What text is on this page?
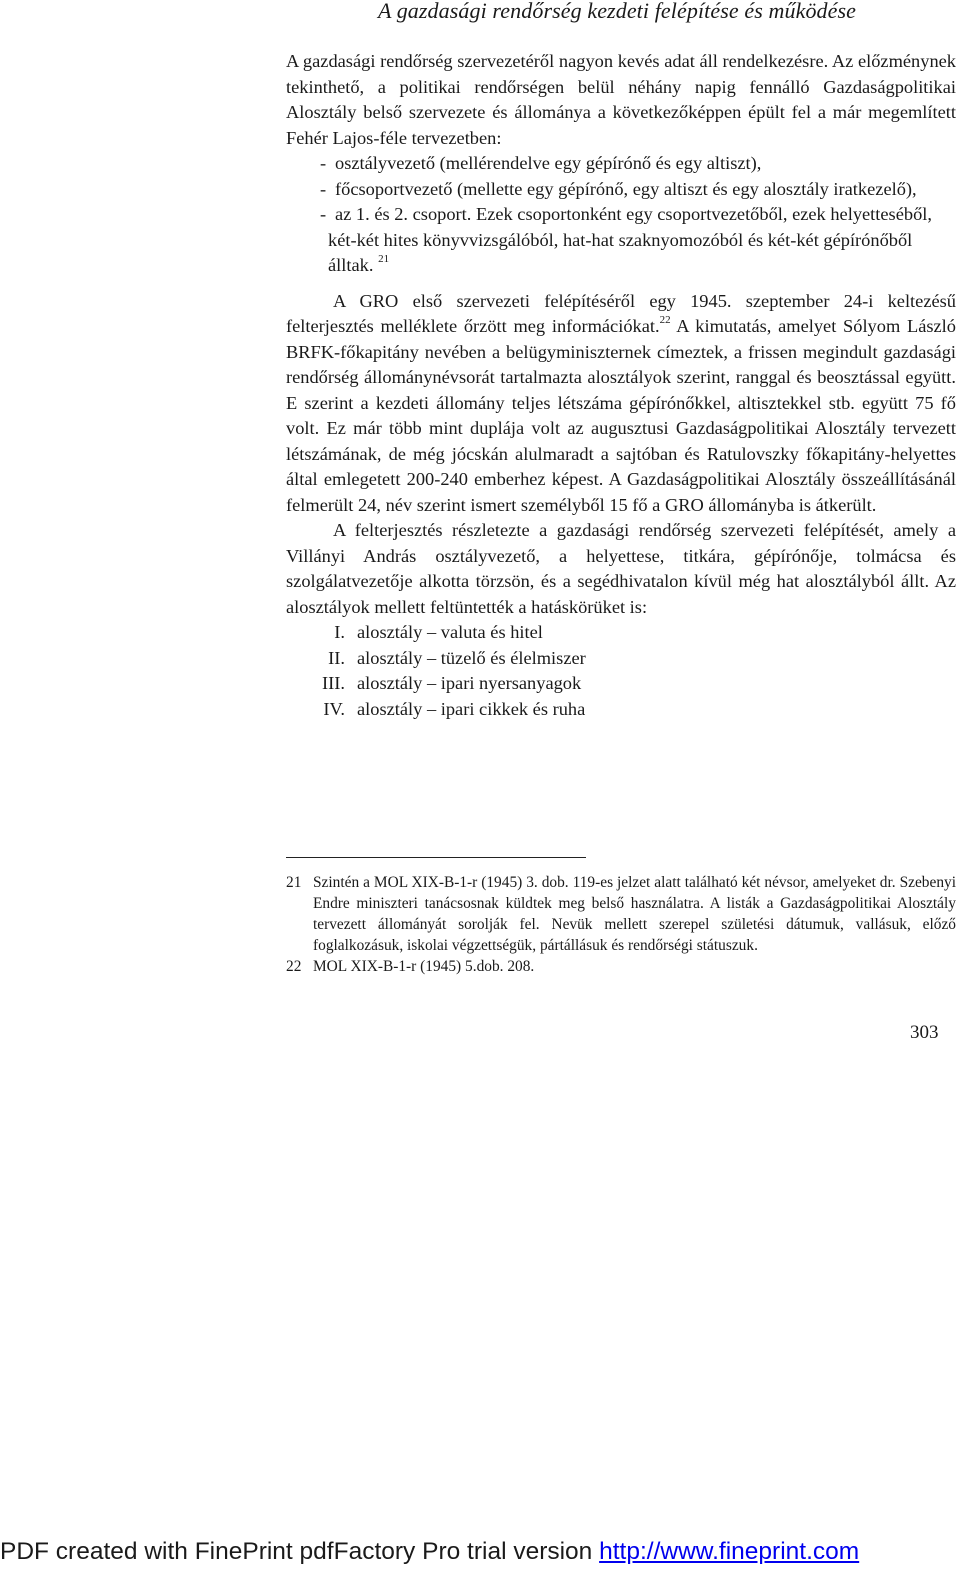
A gazdasági rendőrség kezdeti felépítése és működése

A gazdasági rendőrség szervezetéről nagyon kevés adat áll rendelkezésre. Az előzménynek tekinthető, a politikai rendőrségen belül néhány napig fennálló Gazdaságpolitikai Alosztály belső szervezete és állománya a következőképpen épült fel a már megemlített Fehér Lajos-féle tervezetben:

- osztályvezető (mellérendelve egy gépírónő és egy altiszt),
- főcsoportvezető (mellette egy gépírónő, egy altiszt és egy alosztály iratkezelő),
- az 1. és 2. csoport. Ezek csoportonként egy csoportvezetőből, ezek helyetteséből, két-két hites könyvvizsgálóból, hat-hat szaknyomozóból és két-két gépírónőből álltak. $^{21}$

A GRO első szervezeti felépítéséről egy 1945. szeptember 24-i keltezésű felterjesztés melléklete őrzött meg információkat.$^{22}$ A kimutatás, amelyet Sólyom László BRFK-főkapitány nevében a belügyminiszternek címeztek, a frissen megindult gazdasági rendőrség állománynévsorát tartalmazta alosztályok szerint, ranggal és beosztással együtt. E szerint a kezdeti állomány teljes létszáma gépírónőkkel, altisztekkel stb. együtt 75 fő volt. Ez már több mint duplája volt az augusztusi Gazdaságpolitikai Alosztály tervezett létszámának, de még jócskán alulmaradt a sajtóban és Ratulovszky főkapitány-helyettes által emlegetett 200-240 emberhez képest. A Gazdaságpolitikai Alosztály összeállításánál felmerült 24, név szerint ismert személyből 15 fő a GRO állományba is átkerült.

A felterjesztés részletezte a gazdasági rendőrség szervezeti felépítését, amely a Villányi András osztályvezető, a helyettese, titkára, gépírónője, tolmácsa és szolgálatvezetője alkotta törzsön, és a segédhivatalon kívül még hat alosztályból állt. Az alosztályok mellett feltüntették a hatáskörüket is:

I. alosztály – valuta és hitel
II. alosztály – tüzelő és élelmiszer
III. alosztály – ipari nyersanyagok
IV. alosztály – ipari cikkek és ruha
21 Szintén a MOL XIX-B-1-r (1945) 3. dob. 119-es jelzet alatt található két névsor, amelyeket dr. Szebenyi Endre miniszteri tanácsosnak küldtek meg belső használatra. A listák a Gazdaságpolitikai Alosztály tervezett állományát sorolják fel. Nevük mellett szerepel születési dátumuk, vallásuk, előző foglalkozásuk, iskolai végzettségük, pártállásuk és rendőrségi státuszuk.
22 MOL XIX-B-1-r (1945) 5.dob. 208.
303
PDF created with FinePrint pdfFactory Pro trial version http://www.fineprint.com
